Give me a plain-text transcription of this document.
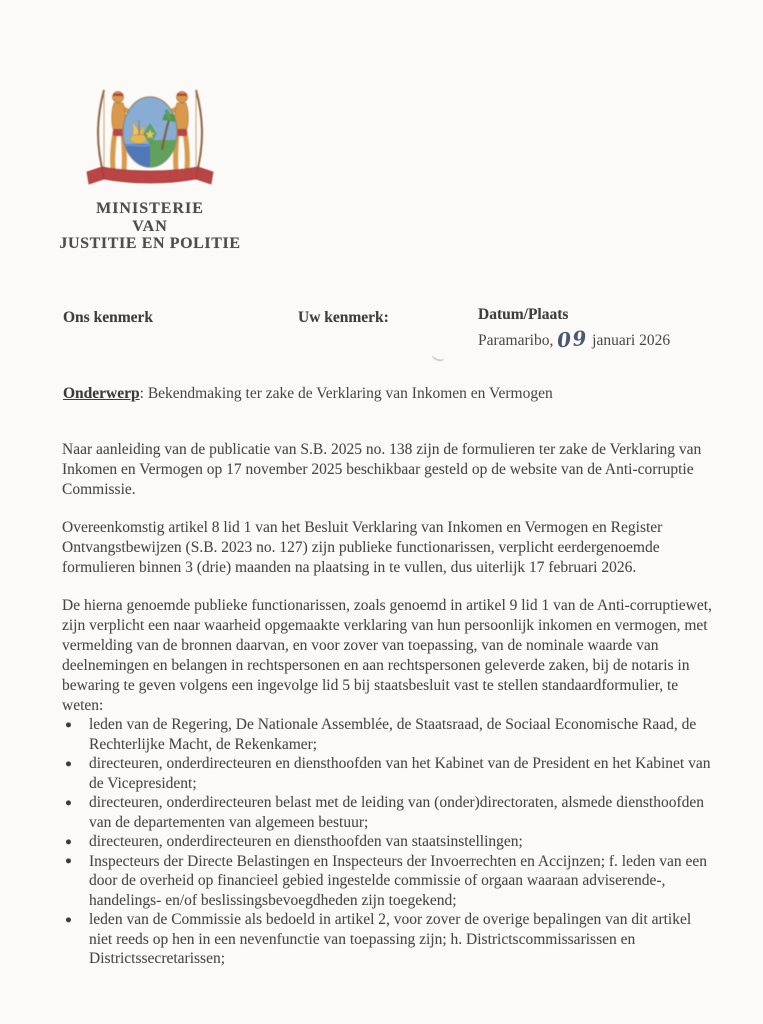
MINISTERIE
VAN
JUSTITIE EN POLITIE
Ons kenmerk	Uw kenmerk:	Datum/Plaats
Paramaribo, 09 januari 2026
Onderwerp: Bekendmaking ter zake de Verklaring van Inkomen en Vermogen

Naar aanleiding van de publicatie van S.B. 2025 no. 138 zijn de formulieren ter zake de Verklaring van Inkomen en Vermogen op 17 november 2025 beschikbaar gesteld op de website van de Anti-corruptie Commissie.

Overeenkomstig artikel 8 lid 1 van het Besluit Verklaring van Inkomen en Vermogen en Register Ontvangstbewijzen (S.B. 2023 no. 127) zijn publieke functionarissen, verplicht eerdergenoemde formulieren binnen 3 (drie) maanden na plaatsing in te vullen, dus uiterlijk 17 februari 2026.

De hierna genoemde publieke functionarissen, zoals genoemd in artikel 9 lid 1 van de Anti-corruptiewet, zijn verplicht een naar waarheid opgemaakte verklaring van hun persoonlijk inkomen en vermogen, met vermelding van de bronnen daarvan, en voor zover van toepassing, van de nominale waarde van deelnemingen en belangen in rechtspersonen en aan rechtspersonen geleverde zaken, bij de notaris in bewaring te geven volgens een ingevolge lid 5 bij staatsbesluit vast te stellen standaardformulier, te weten:

● leden van de Regering, De Nationale Assemblée, de Staatsraad, de Sociaal Economische Raad, de Rechterlijke Macht, de Rekenkamer;
● directeuren, onderdirecteuren en diensthoofden van het Kabinet van de President en het Kabinet van de Vicepresident;
● directeuren, onderdirecteuren belast met de leiding van (onder)directoraten, alsmede diensthoofden van de departementen van algemeen bestuur;
● directeuren, onderdirecteuren en diensthoofden van staatsinstellingen;
● Inspecteurs der Directe Belastingen en Inspecteurs der Invoerrechten en Accijnzen; f. leden van een door de overheid op financieel gebied ingestelde commissie of orgaan waaraan adviserende-, handelings- en/of beslissingsbevoegdheden zijn toegekend;
● leden van de Commissie als bedoeld in artikel 2, voor zover de overige bepalingen van dit artikel niet reeds op hen in een nevenfunctie van toepassing zijn; h. Districtscommissarissen en Districtssecretarissen;
